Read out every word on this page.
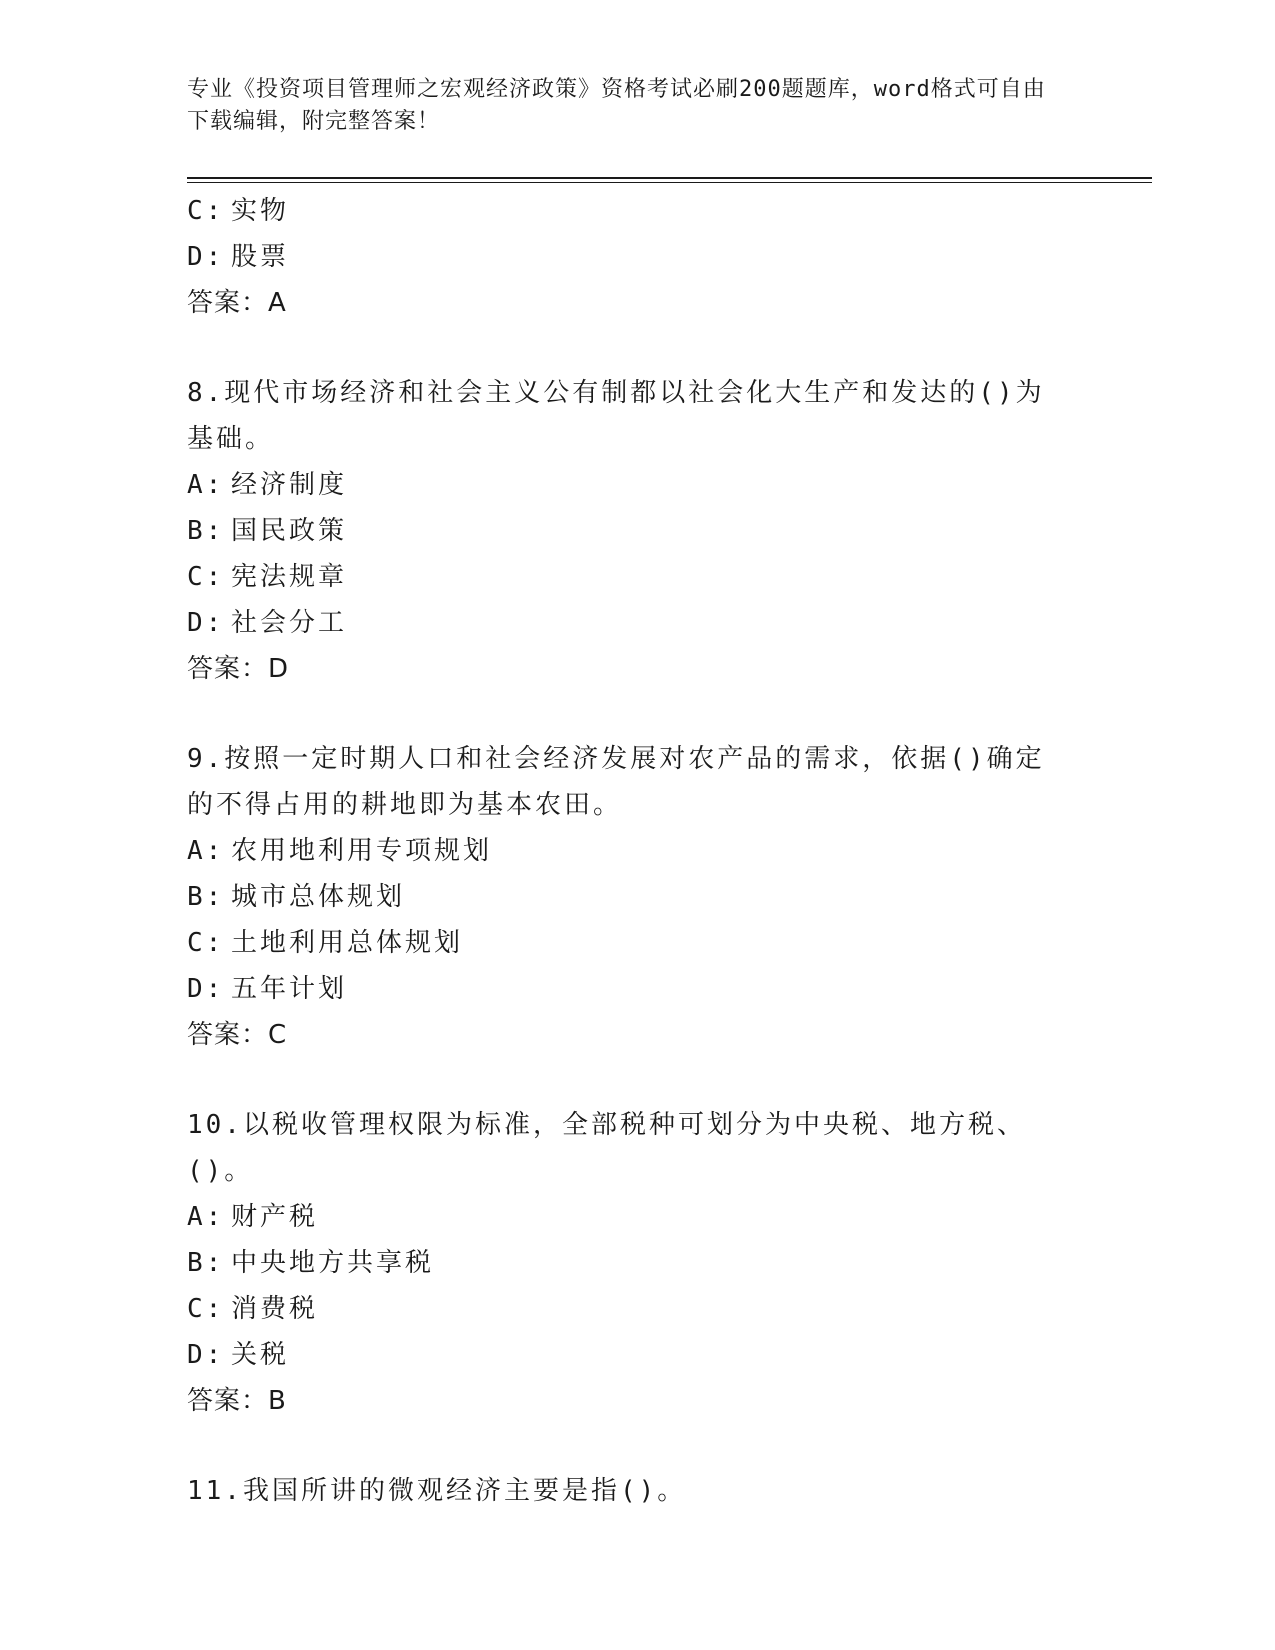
专业《投资项目管理师之宏观经济政策》资格考试必刷200题题库，word格式可自由下载编辑，附完整答案！
C: 实物
D: 股票
答案：A
8.现代市场经济和社会主义公有制都以社会化大生产和发达的()为基础。
A: 经济制度
B: 国民政策
C: 宪法规章
D: 社会分工
答案：D
9.按照一定时期人口和社会经济发展对农产品的需求，依据()确定的不得占用的耕地即为基本农田。
A: 农用地利用专项规划
B: 城市总体规划
C: 土地利用总体规划
D: 五年计划
答案：C
10.以税收管理权限为标准，全部税种可划分为中央税、地方税、()。
A: 财产税
B: 中央地方共享税
C: 消费税
D: 关税
答案：B
11.我国所讲的微观经济主要是指()。
